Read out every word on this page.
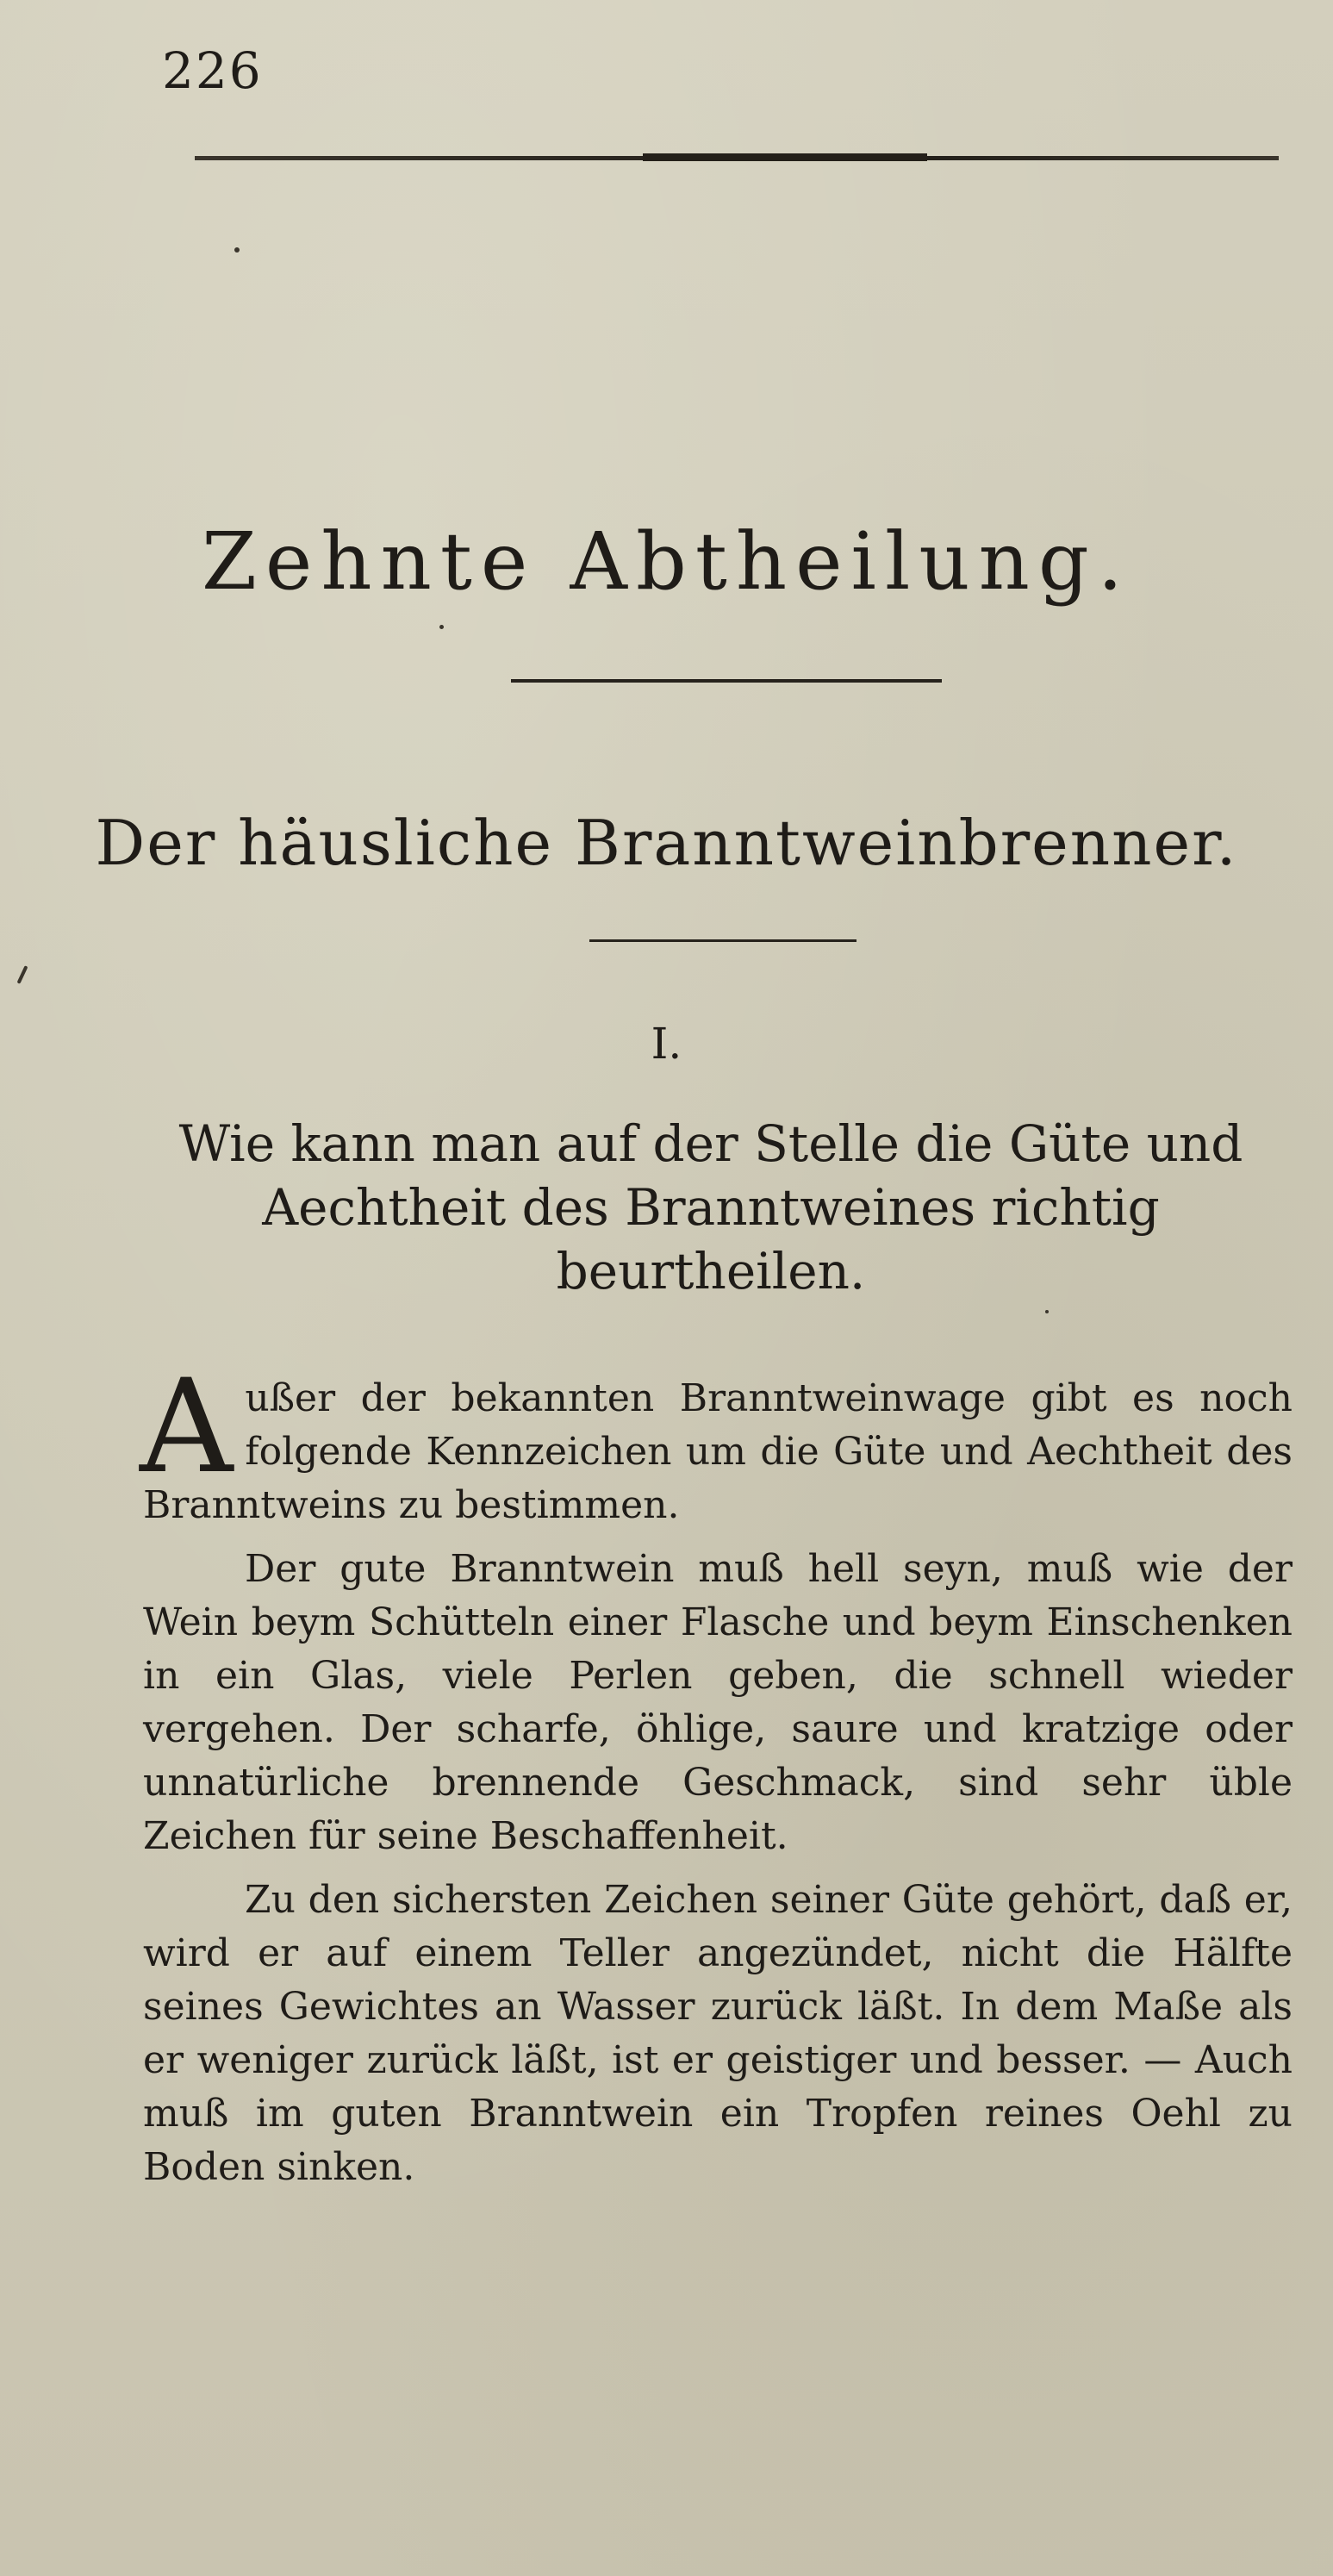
226
Zehnte Abtheilung.
Der häusliche Branntweinbrenner.
I.
Wie kann man auf der Stelle die Güte und Aechtheit des Branntweines richtig beurtheilen.

Außer der bekannten Branntweinwage gibt es noch folgende Kennzeichen um die Güte und Aechtheit des Branntweins zu bestimmen.

Der gute Branntwein muß hell seyn, muß wie der Wein beym Schütteln einer Flasche und beym Einschenken in ein Glas, viele Perlen geben, die schnell wieder vergehen. Der scharfe, öhlige, saure und kratzige oder unnatürliche brennende Geschmack, sind sehr üble Zeichen für seine Beschaffenheit.

Zu den sichersten Zeichen seiner Güte gehört, daß er, wird er auf einem Teller angezündet, nicht die Hälfte seines Gewichtes an Wasser zurück läßt. In dem Maße als er weniger zurück läßt, ist er geistiger und besser. — Auch muß im guten Branntwein ein Tropfen reines Oehl zu Boden sinken.
